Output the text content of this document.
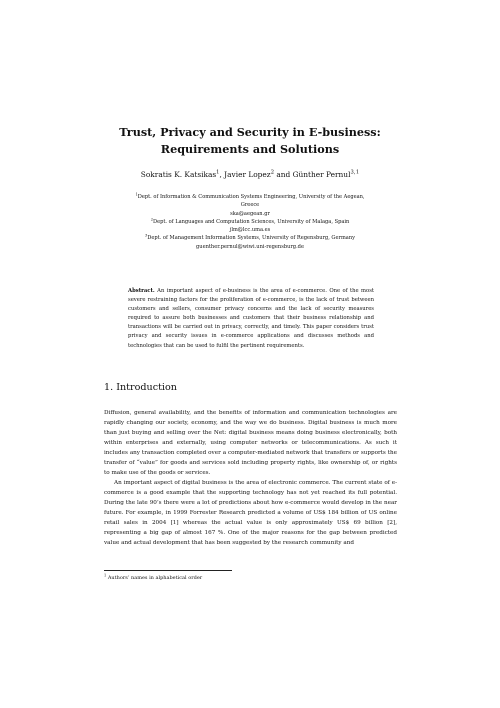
Trust, Privacy and Security in E-business:
Requirements and Solutions
Sokratis K. Katsikas$^1$, Javier Lopez$^2$ and Günther Pernul$^{3,}$ $^1$
$^1$Dept. of Information & Communication Systems Engineering, University of the Aegean,
Greece
ska@aegean.gr
$^2$Dept. of Languages and Computation Sciences, University of Malaga, Spain
jlm@lcc.uma.es
$^3$Dept. of Management Information Systems, University of Regensburg, Germany
guenther.pernul@wiwi.uni-regensburg.de
Abstract. An important aspect of e-business is the area of e-commerce. One of the most severe restraining factors for the proliferation of e-commerce, is the lack of trust between customers and sellers, consumer privacy concerns and the lack of security measures required to assure both businesses and customers that their business relationship and transactions will be carried out in privacy, correctly, and timely. This paper considers trust privacy and security issues in e-commerce applications and discusses methods and technologies that can be used to fulfil the pertinent requirements.
1. Introduction

Diffusion, general availability, and the benefits of information and communication technologies are rapidly changing our society, economy, and the way we do business. Digital business is much more than just buying and selling over the Net: digital business means doing business electronically, both within enterprises and externally, using computer networks or telecommunications. As such it includes any transaction completed over a computer-mediated network that transfers or supports the transfer of “value” for goods and services sold including property rights, like ownership of, or rights to make use of the goods or services.

An important aspect of digital business is the area of electronic commerce. The current state of e-commerce is a good example that the supporting technology has not yet reached its full potential. During the late 90’s there were a lot of predictions about how e-commerce would develop in the near future. For example, in 1999 Forrester Research predicted a volume of US$ 184 billion of US online retail sales in 2004 [1] whereas the actual value is only approximately US$ 69 billion [2], representing a big gap of almost 167 %. One of the major reasons for the gap between predicted value and actual development that has been suggested by the research community and

$^1$ Authors’ names in alphabetical order
